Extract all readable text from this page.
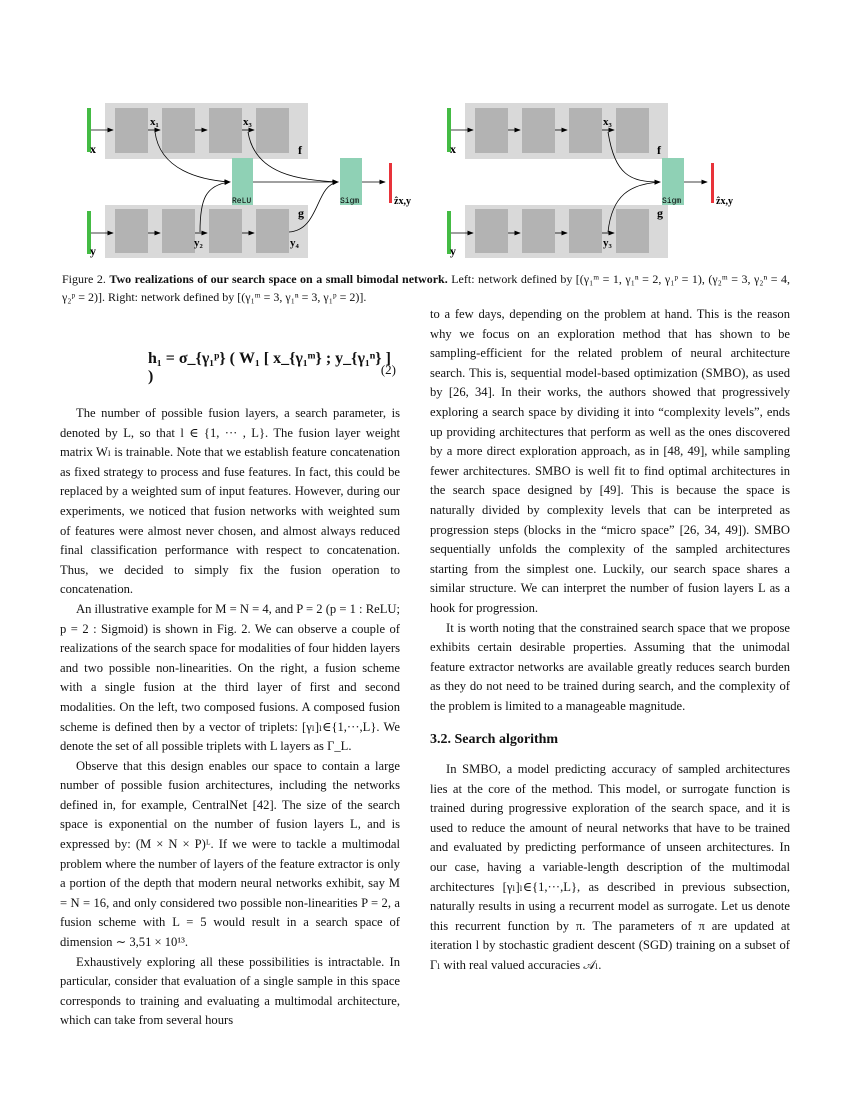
x
y
x₁	x₃
y₂	y₄
f
g
ReLU	Sigm	ẑx,y
x
y
x₃
y₃
f
g
Sigm	ẑx,y
Figure 2. Two realizations of our search space on a small bimodal network. Left: network defined by [(γ₁ᵐ = 1, γ₁ⁿ = 2, γ₁ᵖ = 1), (γ₂ᵐ = 3, γ₂ⁿ = 4, γ₂ᵖ = 2)]. Right: network defined by [(γ₁ᵐ = 3, γ₁ⁿ = 3, γ₁ᵖ = 2)].
h₁ = σ_{γ₁ᵖ} ( W₁ [ x_{γ₁ᵐ} ; y_{γ₁ⁿ} ] )	(2)

The number of possible fusion layers, a search parameter, is denoted by L, so that l ∈ {1, ··· , L}. The fusion layer weight matrix Wₗ is trainable. Note that we establish feature concatenation as fixed strategy to process and fuse features. In fact, this could be replaced by a weighted sum of input features. However, during our experiments, we noticed that fusion networks with weighted sum of features were almost never chosen, and almost always reduced final classification performance with respect to concatenation. Thus, we decided to simply fix the fusion operation to concatenation.

An illustrative example for M = N = 4, and P = 2 (p = 1 : ReLU; p = 2 : Sigmoid) is shown in Fig. 2. We can observe a couple of realizations of the search space for modalities of four hidden layers and two possible non-linearities. On the right, a fusion scheme with a single fusion at the third layer of first and second modalities. On the left, two composed fusions. A composed fusion scheme is defined then by a vector of triplets: [γₗ]ₗ∈{1,···,L}. We denote the set of all possible triplets with L layers as Γ_L.

Observe that this design enables our space to contain a large number of possible fusion architectures, including the networks defined in, for example, CentralNet [42]. The size of the search space is exponential on the number of fusion layers L, and is expressed by: (M × N × P)ᴸ. If we were to tackle a multimodal problem where the number of layers of the feature extractor is only a portion of the depth that modern neural networks exhibit, say M = N = 16, and only considered two possible non-linearities P = 2, a fusion scheme with L = 5 would result in a search space of dimension ∼ 3,51 × 10¹³.

Exhaustively exploring all these possibilities is intractable. In particular, consider that evaluation of a single sample in this space corresponds to training and evaluating a multimodal architecture, which can take from several hours

to a few days, depending on the problem at hand. This is the reason why we focus on an exploration method that has shown to be sampling-efficient for the related problem of neural architecture search. This is, sequential model-based optimization (SMBO), as used by [26, 34]. In their works, the authors showed that progressively exploring a search space by dividing it into “complexity levels”, ends up providing architectures that perform as well as the ones discovered by a more direct exploration approach, as in [48, 49], while sampling fewer architectures. SMBO is well fit to find optimal architectures in the search space designed by [49]. This is because the space is naturally divided by complexity levels that can be interpreted as progression steps (blocks in the “micro space” [26, 34, 49]). SMBO sequentially unfolds the complexity of the sampled architectures starting from the simplest one. Luckily, our search space shares a similar structure. We can interpret the number of fusion layers L as a hook for progression.

It is worth noting that the constrained search space that we propose exhibits certain desirable properties. Assuming that the unimodal feature extractor networks are available greatly reduces search burden as they do not need to be trained during search, and the complexity of the problem is limited to a manageable magnitude.

3.2. Search algorithm

In SMBO, a model predicting accuracy of sampled architectures lies at the core of the method. This model, or surrogate function is trained during progressive exploration of the search space, and it is used to reduce the amount of neural networks that have to be trained and evaluated by predicting performance of unseen architectures. In our case, having a variable-length description of the multimodal architectures [γₗ]ₗ∈{1,···,L}, as described in previous subsection, naturally results in using a recurrent model as surrogate. Let us denote this recurrent function by π. The parameters of π are updated at iteration l by stochastic gradient descent (SGD) training on a subset of Γₗ with real valued accuracies 𝒜ₗ.
